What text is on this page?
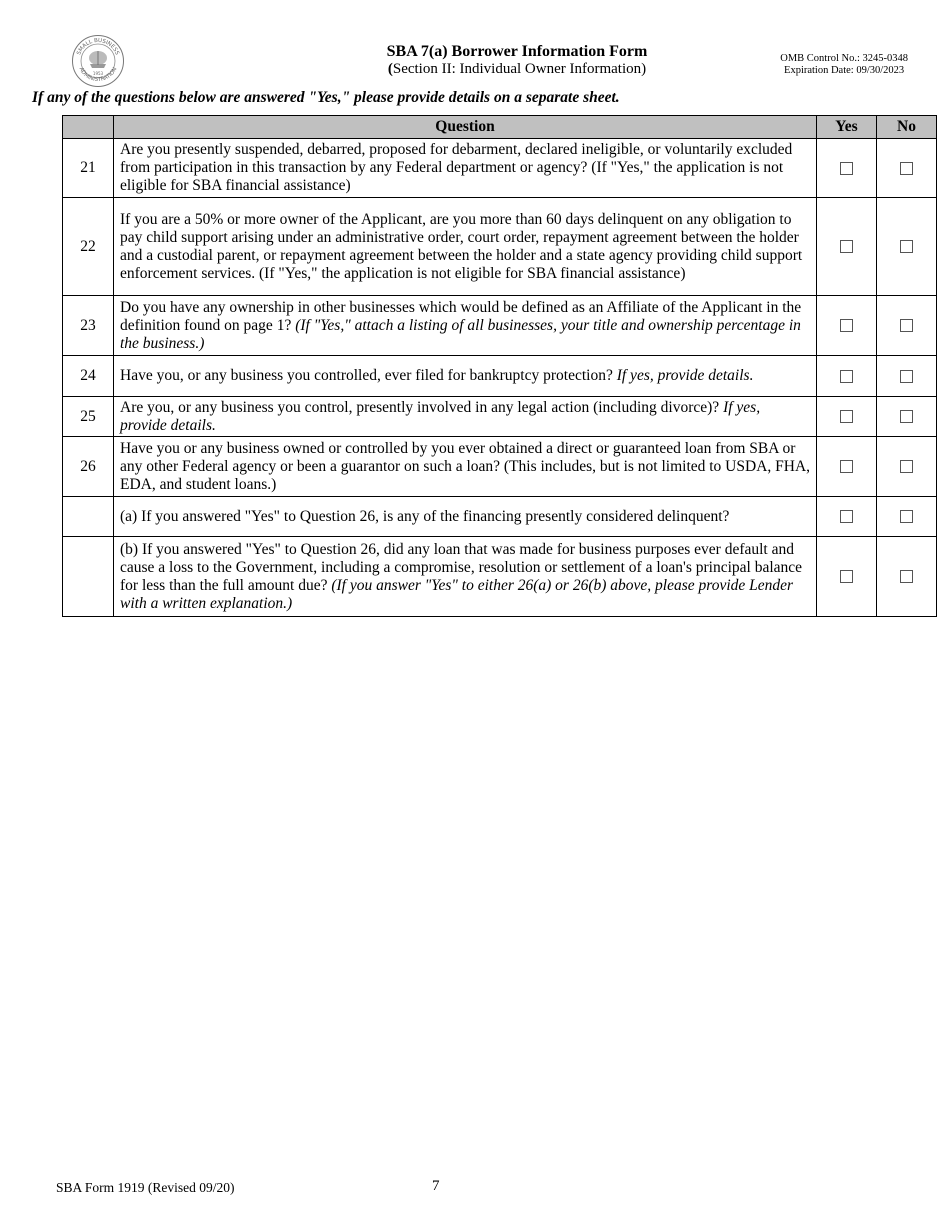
SMALL BUSINESS
ADMINISTRATION
1953
SBA 7(a) Borrower Information Form
(Section II: Individual Owner Information)
OMB Control No.: 3245-0348
Expiration Date: 09/30/2023
If any of the questions below are answered "Yes," please provide details on a separate sheet.
	Question	Yes	No
21	Are you presently suspended, debarred, proposed for debarment, declared ineligible, or voluntarily excluded from participation in this transaction by any Federal department or agency? (If "Yes," the application is not eligible for SBA financial assistance)		
22	If you are a 50% or more owner of the Applicant, are you more than 60 days delinquent on any obligation to pay child support arising under an administrative order, court order, repayment agreement between the holder and a custodial parent, or repayment agreement between the holder and a state agency providing child support enforcement services. (If "Yes," the application is not eligible for SBA financial assistance)		
23	Do you have any ownership in other businesses which would be defined as an Affiliate of the Applicant in the definition found on page 1? (If "Yes," attach a listing of all businesses, your title and ownership percentage in the business.)		
24	Have you, or any business you controlled, ever filed for bankruptcy protection? If yes, provide details.		
25	Are you, or any business you control, presently involved in any legal action (including divorce)? If yes, provide details.		
26	Have you or any business owned or controlled by you ever obtained a direct or guaranteed loan from SBA or any other Federal agency or been a guarantor on such a loan? (This includes, but is not limited to USDA, FHA, EDA, and student loans.)		
	(a) If you answered "Yes" to Question 26, is any of the financing presently considered delinquent?		
	(b) If you answered "Yes" to Question 26, did any loan that was made for business purposes ever default and cause a loss to the Government, including a compromise, resolution or settlement of a loan's principal balance for less than the full amount due? (If you answer "Yes" to either 26(a) or 26(b) above, please provide Lender with a written explanation.)		
SBA Form 1919 (Revised 09/20)	7
